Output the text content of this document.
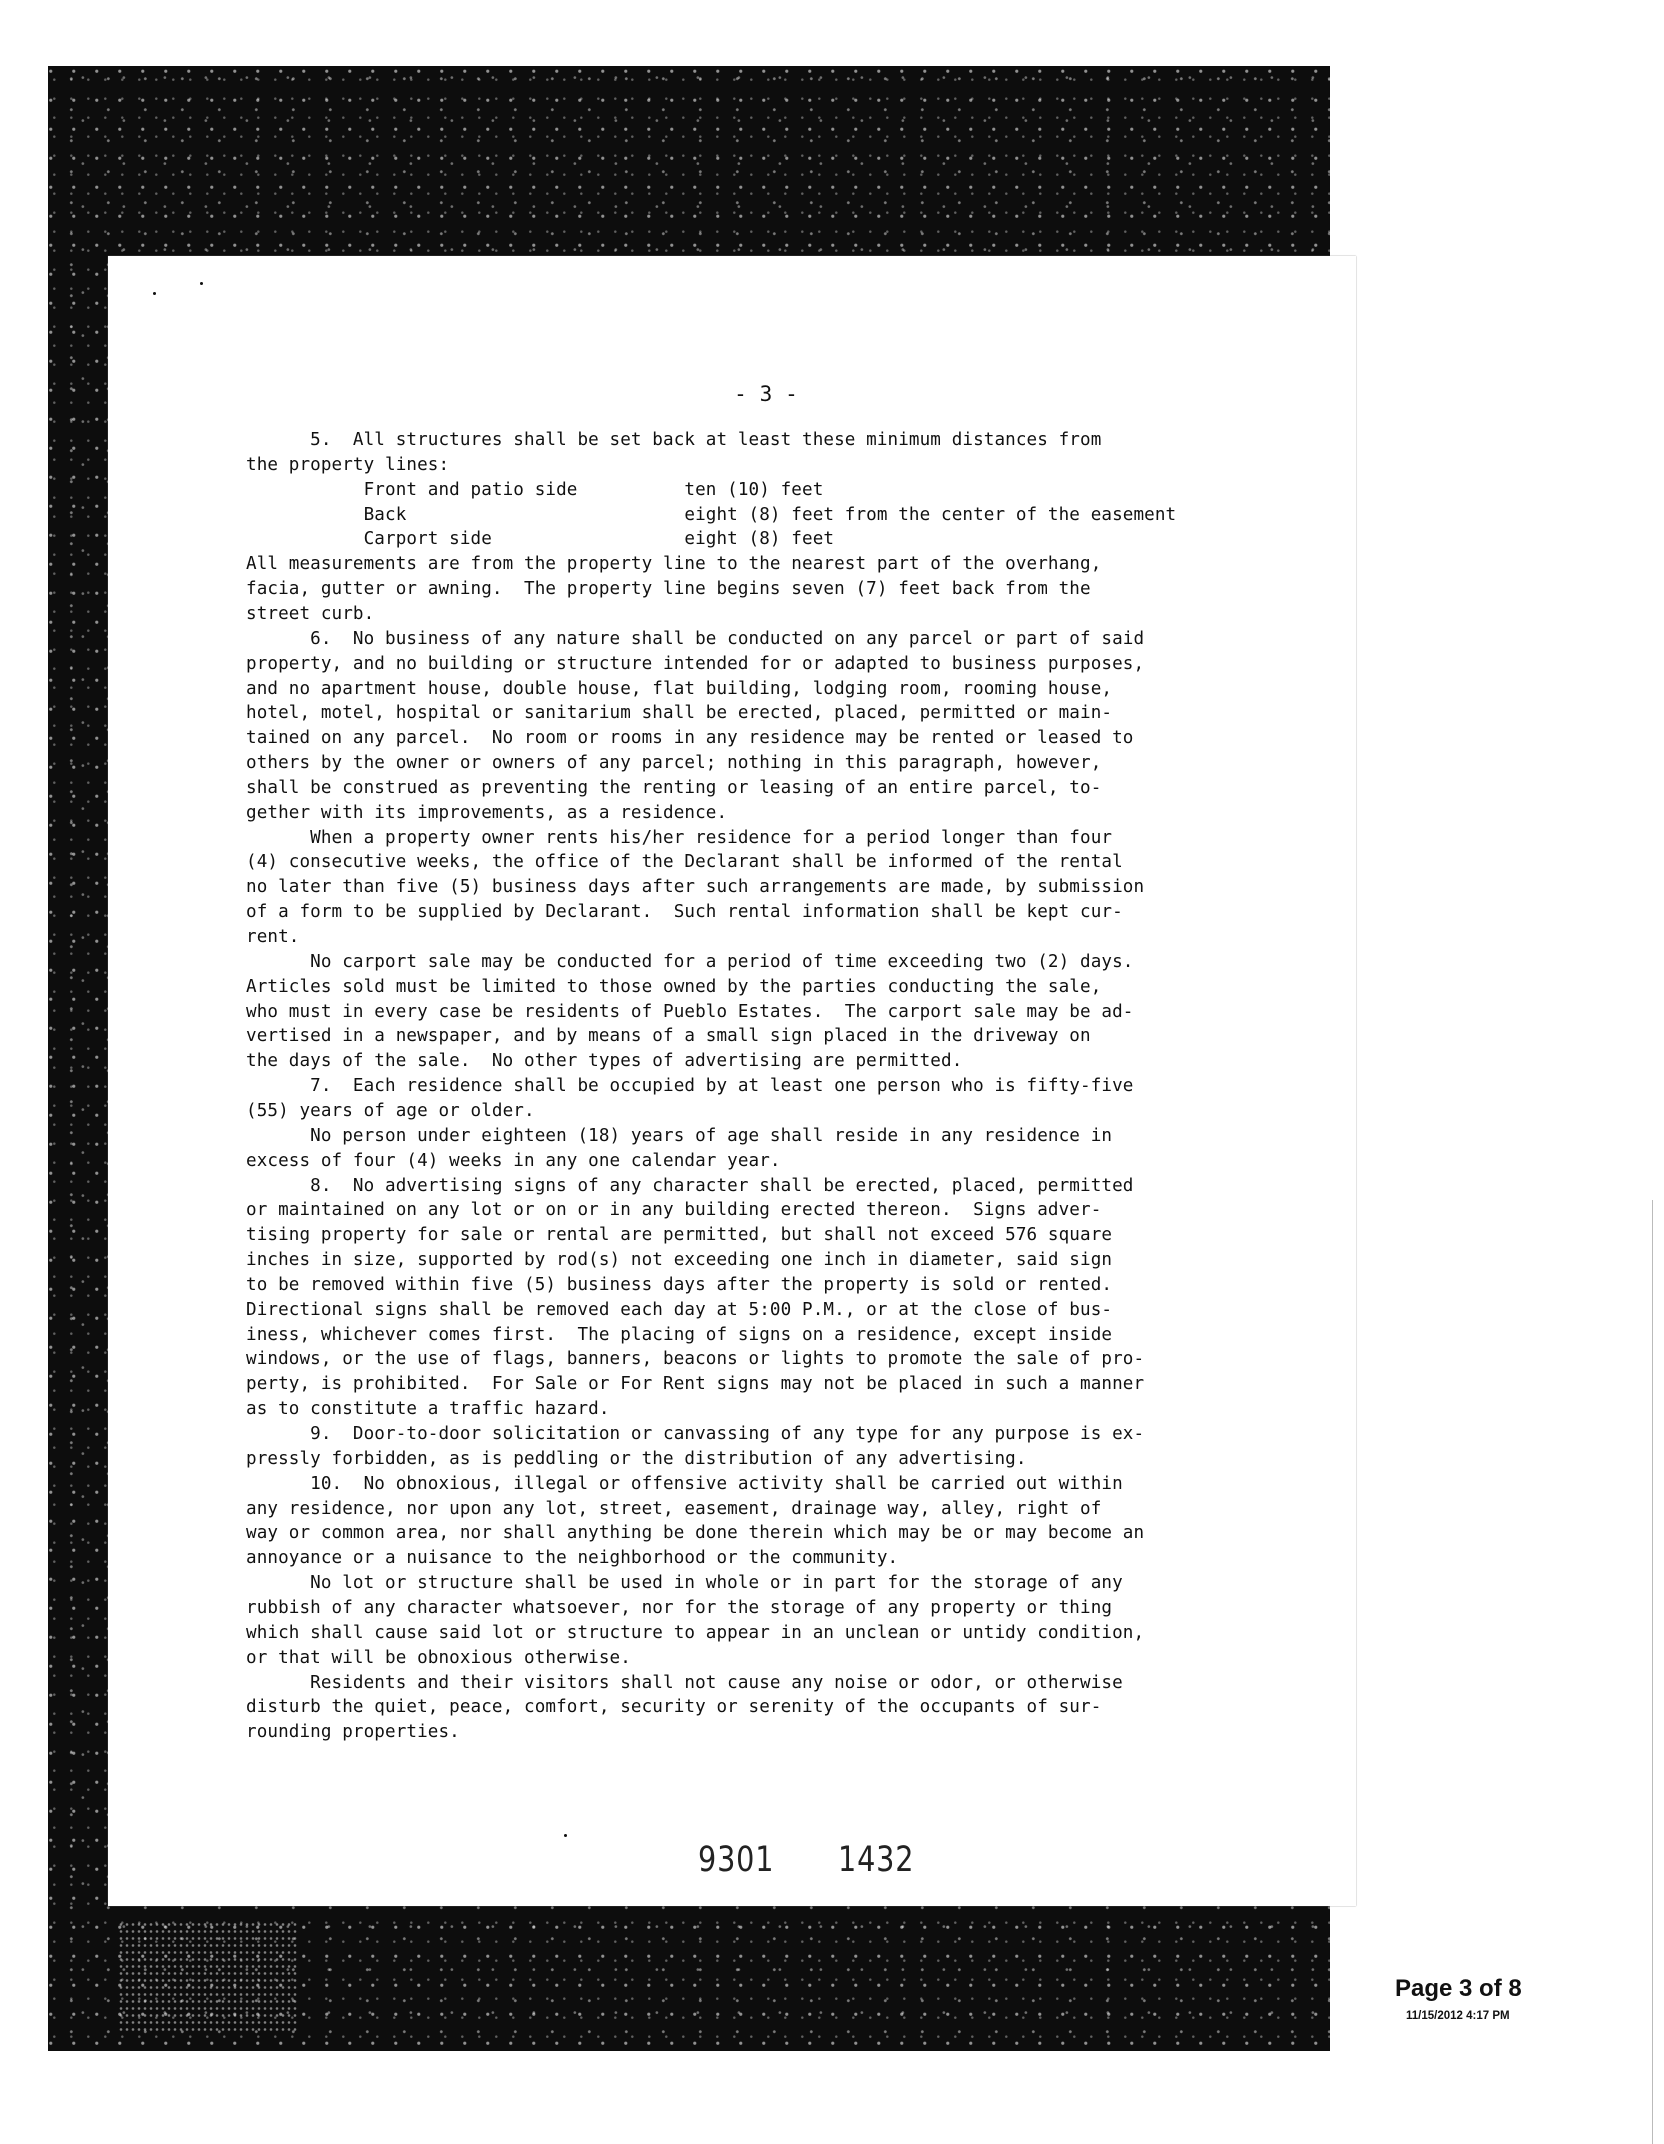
- 3 -
5.  All structures shall be set back at least these minimum distances from
the property lines:
Front and patio side          ten (10) feet
Back                          eight (8) feet from the center of the easement
Carport side                  eight (8) feet
All measurements are from the property line to the nearest part of the overhang,
facia, gutter or awning.  The property line begins seven (7) feet back from the
street curb.
6.  No business of any nature shall be conducted on any parcel or part of said
property, and no building or structure intended for or adapted to business purposes,
and no apartment house, double house, flat building, lodging room, rooming house,
hotel, motel, hospital or sanitarium shall be erected, placed, permitted or main-
tained on any parcel.  No room or rooms in any residence may be rented or leased to
others by the owner or owners of any parcel; nothing in this paragraph, however,
shall be construed as preventing the renting or leasing of an entire parcel, to-
gether with its improvements, as a residence.
When a property owner rents his/her residence for a period longer than four
(4) consecutive weeks, the office of the Declarant shall be informed of the rental
no later than five (5) business days after such arrangements are made, by submission
of a form to be supplied by Declarant.  Such rental information shall be kept cur-
rent.
No carport sale may be conducted for a period of time exceeding two (2) days.
Articles sold must be limited to those owned by the parties conducting the sale,
who must in every case be residents of Pueblo Estates.  The carport sale may be ad-
vertised in a newspaper, and by means of a small sign placed in the driveway on
the days of the sale.  No other types of advertising are permitted.
7.  Each residence shall be occupied by at least one person who is fifty-five
(55) years of age or older.
No person under eighteen (18) years of age shall reside in any residence in
excess of four (4) weeks in any one calendar year.
8.  No advertising signs of any character shall be erected, placed, permitted
or maintained on any lot or on or in any building erected thereon.  Signs adver-
tising property for sale or rental are permitted, but shall not exceed 576 square
inches in size, supported by rod(s) not exceeding one inch in diameter, said sign
to be removed within five (5) business days after the property is sold or rented.
Directional signs shall be removed each day at 5:00 P.M., or at the close of bus-
iness, whichever comes first.  The placing of signs on a residence, except inside
windows, or the use of flags, banners, beacons or lights to promote the sale of pro-
perty, is prohibited.  For Sale or For Rent signs may not be placed in such a manner
as to constitute a traffic hazard.
9.  Door-to-door solicitation or canvassing of any type for any purpose is ex-
pressly forbidden, as is peddling or the distribution of any advertising.
10.  No obnoxious, illegal or offensive activity shall be carried out within
any residence, nor upon any lot, street, easement, drainage way, alley, right of
way or common area, nor shall anything be done therein which may be or may become an
annoyance or a nuisance to the neighborhood or the community.
No lot or structure shall be used in whole or in part for the storage of any
rubbish of any character whatsoever, nor for the storage of any property or thing
which shall cause said lot or structure to appear in an unclean or untidy condition,
or that will be obnoxious otherwise.
Residents and their visitors shall not cause any noise or odor, or otherwise
disturb the quiet, peace, comfort, security or serenity of the occupants of sur-
rounding properties.
9301 1432
Page 3 of 8
11/15/2012 4:17 PM
